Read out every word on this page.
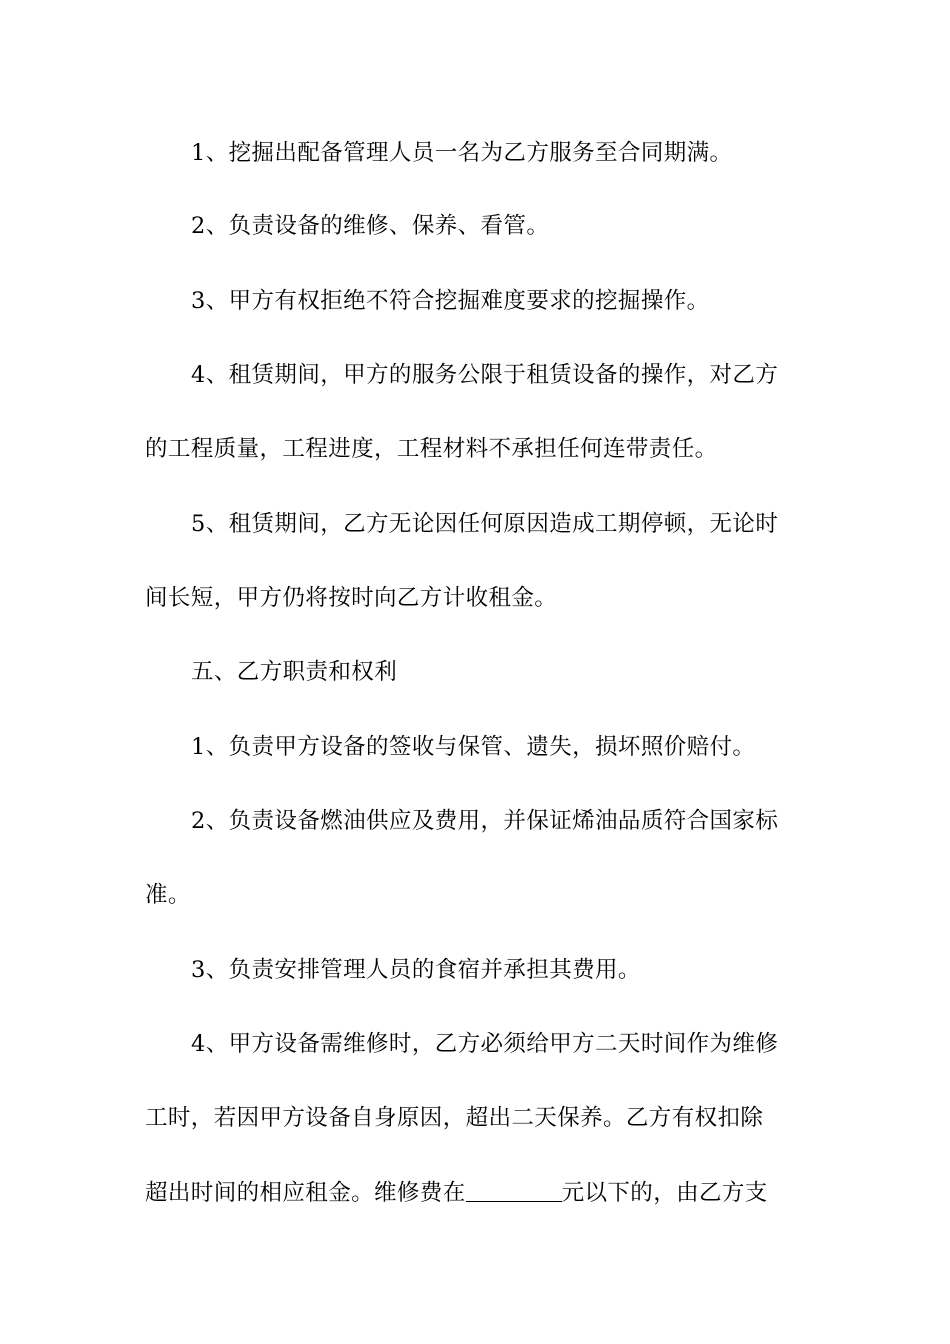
1、挖掘出配备管理人员一名为乙方服务至合同期满。
2、负责设备的维修、保养、看管。
3、甲方有权拒绝不符合挖掘难度要求的挖掘操作。
4、租赁期间，甲方的服务公限于租赁设备的操作，对乙方
的工程质量，工程进度，工程材料不承担任何连带责任。
5、租赁期间，乙方无论因任何原因造成工期停顿，无论时
间长短，甲方仍将按时向乙方计收租金。
五、乙方职责和权利
1、负责甲方设备的签收与保管、遗失，损坏照价赔付。
2、负责设备燃油供应及费用，并保证烯油品质符合国家标
准。
3、负责安排管理人员的食宿并承担其费用。
4、甲方设备需维修时，乙方必须给甲方二天时间作为维修
工时，若因甲方设备自身原因，超出二天保养。乙方有权扣除
超出时间的相应租金。维修费在	元以下的，由乙方支
